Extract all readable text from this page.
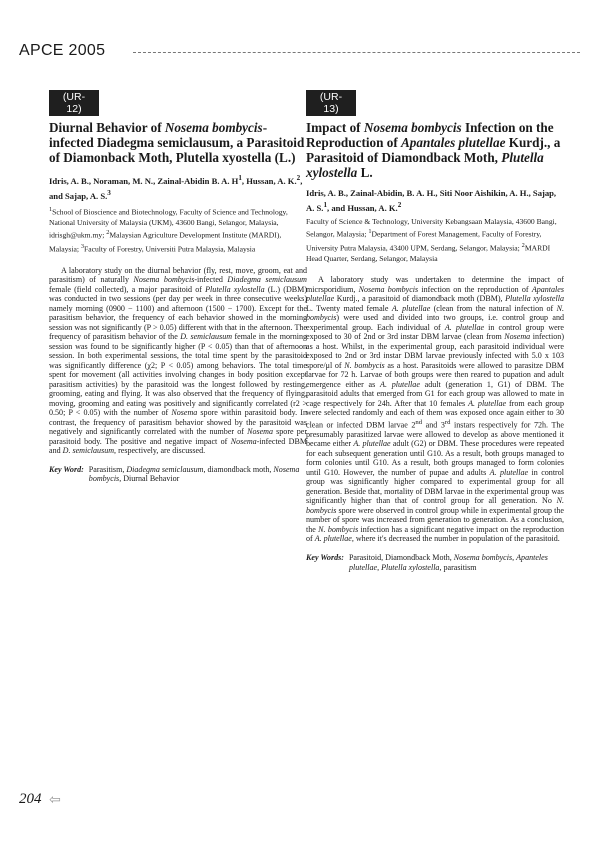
APCE 2005
(UR-12)
Diurnal Behavior of Nosema bombycis-infected Diadegma semiclausum, a Parasitoid of Diamonback Moth, Plutella xyostella (L.)

Idris, A. B., Noraman, M. N., Zainal-Abidin B. A. $H^1$, Hussan, A. K.$^2$, and Sajap, A. S.$^3$

$^1$School of Bioscience and Biotechnology, Faculty of Science and Technology, National University of Malaysia (UKM), 43600 Bangi, Selangor, Malaysia, idrisgh@ukm.my; $^2$Malaysian Agriculture Development Institute (MARDI), Malaysia; $^3$Faculty of Forestry, Universiti Putra Malaysia, Malaysia

A laboratory study on the diurnal behavior (fly, rest, move, groom, eat and parasitism) of naturally Nosema bombycis-infected Diadegma semiclausum female (field collected), a major parasitoid of Plutella xylostella (L.) (DBM) was conducted in two sessions (per day per week in three consecutive weeks) namely morning (0900 − 1100) and afternoon (1500 − 1700). Except for the parasitism behavior, the frequency of each behavior showed in the morning session was not significantly (P > 0.05) different with that in the afternoon. The frequency of parasitism behavior of the D. semiclausum female in the morning session was found to be significantly higher (P < 0.05) than that of afternoon session. In both experimental sessions, the total time spent by the parasitoid was significantly difference (χ2; P < 0.05) among behaviors. The total time spent for movement (all activities involving changes in body position except parasitism activities) by the parasitoid was the longest followed by resting, grooming, eating and flying. It was also observed that the frequency of flying, moving, grooming and eating was positively and significantly correlated (r2 > 0.50; P < 0.05) with the number of Nosema spore within parasitoid body. In contrast, the frequency of parasitism behavior showed by the parasitoid was negatively and significantly correlated with the number of Nosema spore per parasitoid body. The positive and negative impact of Nosema-infected DBM and D. semiclausum, respectively, are discussed.

Key Word: Parasitism, Diadegma semiclausum, diamondback moth, Nosema bombycis, Diurnal Behavior
(UR-13)
Impact of Nosema bombycis Infection on the Reproduction of Apantales plutellae Kurdj., a Parasitoid of Diamondback Moth, Plutella xylostella L.

Idris, A. B., Zainal-Abidin, B. A. H., Siti Noor Aishikin, A. H., Sajap, A. S.$^1$, and Hussan, A. K.$^2$

Faculty of Science & Technology, University Kebangsaan Malaysia, 43600 Bangi, Selangor, Malaysia; $^1$Department of Forest Management, Faculty of Forestry, University Putra Malaysia, 43400 UPM, Serdang, Selangor, Malaysia; $^2$MARDI Head Quarter, Serdang, Selangor, Malaysia

A laboratory study was undertaken to determine the impact of micrsporidium, Nosema bombycis infection on the reproduction of Apantales plutellae Kurdj., a parasitoid of diamondback moth (DBM), Plutella xylostella L. Twenty mated female A. plutellae (clean from the natural infection of N. bombycis) were used and divided into two groups, i.e. control group and experimental group. Each individual of A. plutellae in control group were exposed to 30 of 2nd or 3rd instar DBM larvae (clean from Nosema infection) as a host. Whilst, in the experimental group, each parasitoid individual were exposed to 2nd or 3rd instar DBM larvae previously infected with 5.0 x 103 spore/μl of N. bombycis as a host. Parasitoids were allowed to parasitze DBM larvae for 72 h. Larvae of both groups were then reared to pupation and adult emergence either as A. plutellae adult (generation 1, G1) of DBM. The parasitoid adults that emerged from G1 for each group was allowed to mate in cage respectively for 24h. After that 10 females A. plutellae from each group were selected randomly and each of them was exposed once again either to 30 clean or infected DBM larvae 2nd and 3rd instars respectively for 72h. The presumably parasitized larvae were allowed to develop as above mentioned it became either A. plutellae adult (G2) or DBM. These procedures were repeated for each subsequent generation until G10. As a result, both groups managed to form colonies until G10. As a result, both groups managed to form colonies until G10. However, the number of pupae and adults A. plutellae in control group was significantly higher compared to experimental group for all generation. Beside that, mortality of DBM larvae in the experimental group was significantly higher than that of control group for all generation. No N. bombycis spore were observed in control group while in experimental group the number of spore was increased from generation to generation. As a conclusion, the N. bombycis infection has a significant negative impact on the reproduction of A. plutellae, where it's decreased the number in population of the parasitoid.

Key Words: Parasitoid, Diamondback Moth, Nosema bombycis, Apanteles plutellae, Plutella xylostella, parasitism
204 ⇦
